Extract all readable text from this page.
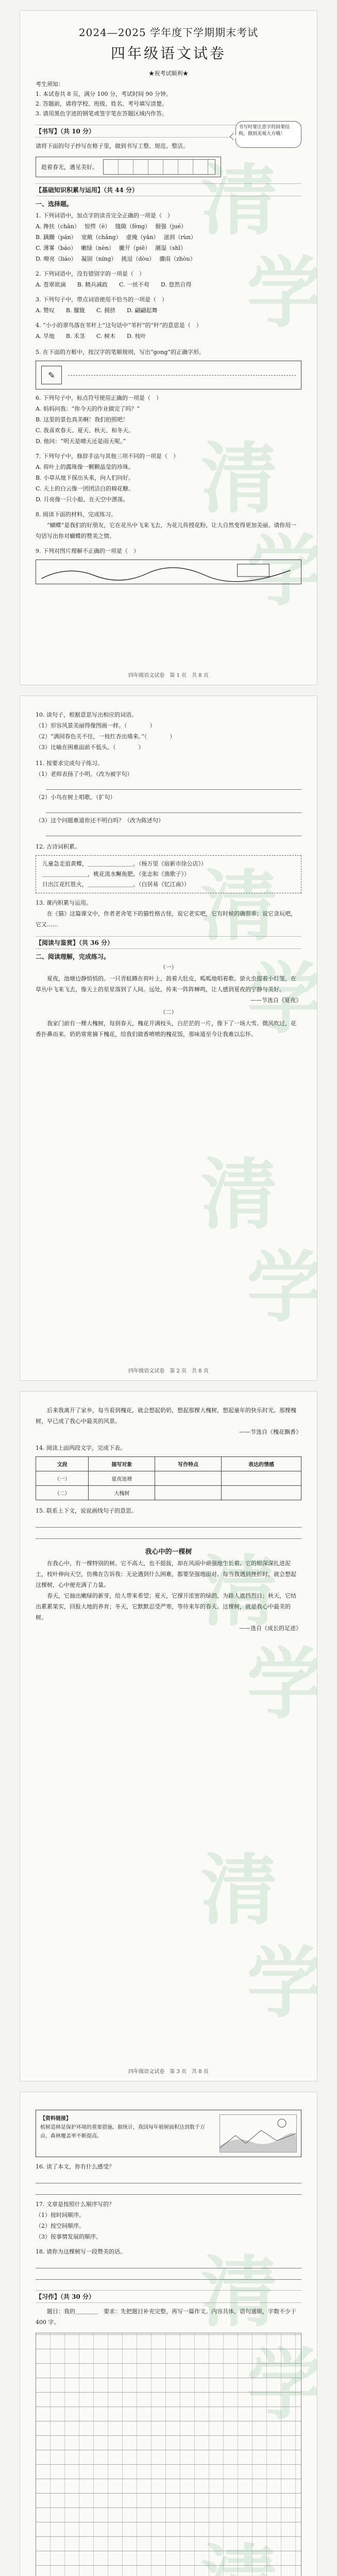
2024—2025 学年度下学期期末考试
四年级语文试卷
★祝考试顺利★
考生须知：
1. 本试卷共 8 页，满分 100 分，考试时间 90 分钟。
2. 答题前，请将学校、班级、姓名、考号填写清楚。
3. 请用黑色字迹的钢笔或签字笔在答题区域内作答。
【书写】（共 10 分）
请将下面的句子抄写在格子里，做到书写工整、规范、整洁。
趁着春光，遇见美好。
书写时要注意字的间架结构，做到美观大方哦！
【基础知识积累与运用】（共 44 分）
一、选择题。
1. 下列词语中，加点字的读音完全正确的一项是（　）
A. 搀扶（chān）　 惊愕（è）　 缝隙（fèng）　 倔强（jué）
B. 蹒跚（pán）　 宽敞（chǎng）　 虚掩（yǎn）　 滋润（rùn）
C. 薄雾（báo）　 嫩绿（nèn）　 撇开（piē）　 潮湿（shī）
D. 嘹亮（liáo）　 凝固（níng）　 挑逗（dòu）　 骤雨（zhòu）
2. 下列词语中，没有错别字的一项是（　）
A. 苍翠欲滴　　B. 精兵减政　　C. 一丝不苟　　D. 悠然自得
3. 下列句子中，带点词语使用不恰当的一项是（　）
A. 赞叹　　B. 朦胧　　C. 拥挤　　D. 翩翩起舞
4. “小小的翠鸟落在苇秆上”这句话中“苇秆”的“秆”的意思是（　）
A. 旱地　　B. 禾茎　　C. 树木　　D. 枝叶
5. 在下面的方框中，按汉字的笔顺规则，写出“gong”的正确字形。
✎
6. 下列句子中，标点符号使用正确的一项是（　）
A. 妈妈问我：“你今天的作业做完了吗？”
B. 这里的景色真美啊！我们拍照吧！
C. 我喜欢春天、夏天、秋天、和冬天。
D. 他问：“明天是晴天还是雨天呢。”
7. 下列句子中，修辞手法与其他三项不同的一项是（　）
A. 荷叶上的露珠像一颗颗晶莹的珍珠。
B. 小草从地下探出头来，向人们问好。
C. 天上的白云像一团团洁白的棉花糖。
D. 月亮像一只小船，在天空中漂荡。
8. 阅读下面的材料，完成练习。
“蝴蝶”是我们的好朋友，它在花丛中飞来飞去，为花儿传授花粉，让大自然变得更加美丽。请你用一句话写出你对蝴蝶的赞美之情。
9. 下列对图片理解不正确的一项是（　）
四年级语文试卷　第 1 页　共 8 页
10. 读句子，根据意思写出相应的词语。
（1）形容风景美丽得像图画一样。（　　　　）
（2）“满园春色关不住，一枝红杏出墙来。”（　　　　）
（3）比喻在困难面前不低头。（　　　　）
11. 按要求完成句子练习。
（1）老师表扬了小明。（改为被字句）
（2）小鸟在树上唱歌。（扩句）
（3）这个问题难道你还不明白吗？（改为陈述句）
12. 古诗词积累。
儿童急走追黄蝶，＿＿＿＿＿＿＿＿。（杨万里《宿新市徐公店》）
＿＿＿＿＿＿＿＿，桃花流水鳜鱼肥。（张志和《渔歌子》）
日出江花红胜火，＿＿＿＿＿＿＿＿。（白居易《忆江南》）
13. 课内积累与运用。
在《猫》这篇课文中，作者老舍笔下的猫性格古怪，说它老实吧，它有时候的确很乖；说它贪玩吧，它又……
【阅读与鉴赏】（共 36 分）
二、阅读理解，完成练习。
（一）
夏夜，池塘边静悄悄的。一只青蛙蹲在荷叶上，鼓着大肚皮，呱呱地唱着歌。萤火虫提着小灯笼，在草丛中飞来飞去，像天上的星星落到了人间。远处，传来一阵阵蝉鸣，让人感到夏夜的宁静与美好。
——节选自《夏夜》
（二）
我家门前有一棵大槐树，每到春天，槐花开满枝头，白茫茫的一片，像下了一场大雪。微风吹过，花香扑鼻而来。奶奶常常摘下槐花，给我们做香喷喷的槐花饭，那味道至今让我难以忘怀。
四年级语文试卷　第 2 页　共 8 页
后来我离开了家乡，每当看到槐花，就会想起奶奶，想起那棵大槐树，想起童年的快乐时光。那棵槐树，早已成了我心中最美的风景。
——节选自《槐花飘香》
14. 阅读上面两段文字，完成下表。
文段	描写对象	写作特点	表达的情感
（一）	夏夜池塘		
（二）	大槐树		
15. 联系上下文，说说画线句子的意思。
我心中的一棵树
在我心中，有一棵特别的树。它不高大，也不挺拔，却在风雨中顽强地生长着。它的根深深扎进泥土，枝叶伸向天空，仿佛在告诉我：无论遇到什么困难，都要坚强地面对。每当我遇到挫折时，就会想起这棵树，心中便充满了力量。
春天，它抽出嫩绿的新芽，给人带来希望；夏天，它撑开浓密的绿荫，为路人遮挡烈日；秋天，它结出累累果实，回报大地的养育；冬天，它默默忍受严寒，等待来年的春天。这棵树，就是我心中最美的树。
——选自《成长的足迹》
四年级语文试卷　第 3 页　共 8 页
【资料链接】
植树造林是保护环境的重要措施。据统计，我国每年植树面积达到数千万亩，森林覆盖率不断提高。
16. 读了本文，你有什么感受？
17. 文章是按照什么顺序写的？
（1）按时间顺序。
（2）按空间顺序。
（3）按事情发展的顺序。
18. 请你为这棵树写一段赞美的话。
【习作】（共 30 分）
题目：我的＿＿＿＿　要求：先把题目补充完整，再写一篇作文。内容具体，语句通顺，字数不少于 400 字。
